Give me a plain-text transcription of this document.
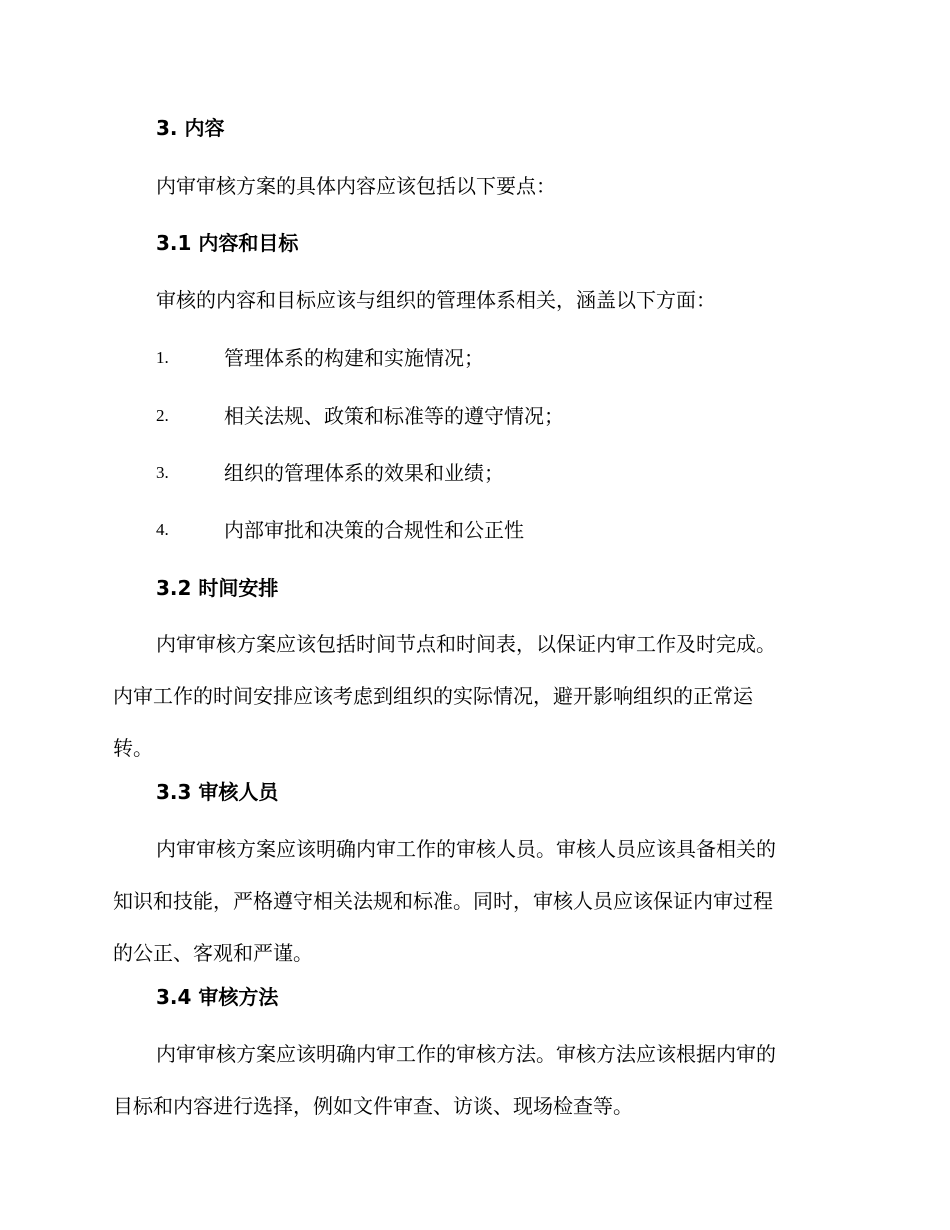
3. 内容
内审审核方案的具体内容应该包括以下要点：
3.1 内容和目标
审核的内容和目标应该与组织的管理体系相关，涵盖以下方面：
1.	管理体系的构建和实施情况；
2.	相关法规、政策和标准等的遵守情况；
3.	组织的管理体系的效果和业绩；
4.	内部审批和决策的合规性和公正性
3.2 时间安排
内审审核方案应该包括时间节点和时间表，以保证内审工作及时完成。
内审工作的时间安排应该考虑到组织的实际情况，避开影响组织的正常运
转。
3.3 审核人员
内审审核方案应该明确内审工作的审核人员。审核人员应该具备相关的
知识和技能，严格遵守相关法规和标准。同时，审核人员应该保证内审过程
的公正、客观和严谨。
3.4 审核方法
内审审核方案应该明确内审工作的审核方法。审核方法应该根据内审的
目标和内容进行选择，例如文件审查、访谈、现场检查等。
